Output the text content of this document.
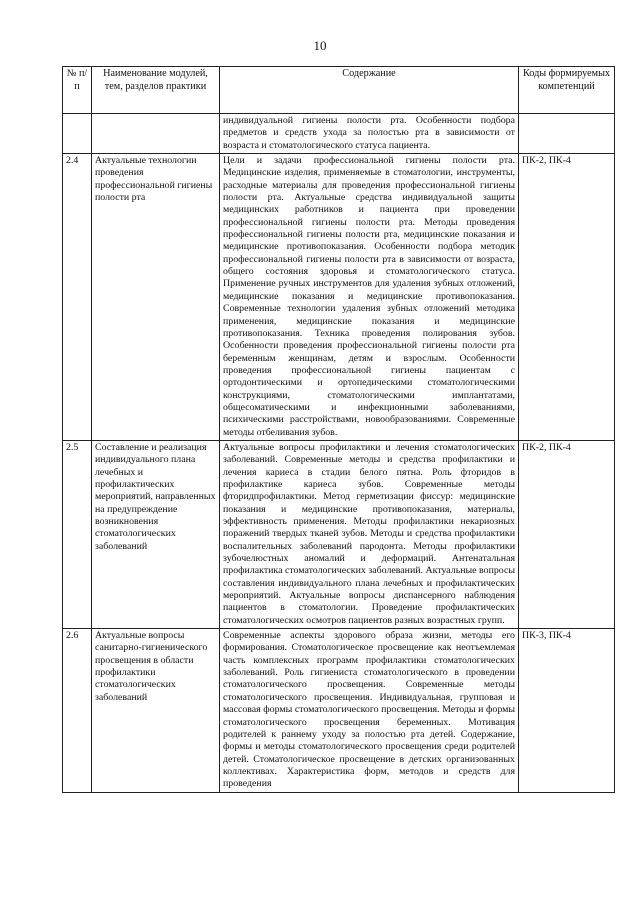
10
№ п/п	Наименование модулей, тем, разделов практики	Содержание	Коды формируемых компетенций
		индивидуальной гигиены полости рта. Особенности подбора предметов и средств ухода за полостью рта в зависимости от возраста и стоматологического статуса пациента.	
2.4	Актуальные технологии проведения профессиональной гигиены полости рта	Цели и задачи профессиональной гигиены полости рта. Медицинские изделия, применяемые в стоматологии, инструменты, расходные материалы для проведения профессиональной гигиены полости рта. Актуальные средства индивидуальной защиты медицинских работников и пациента при проведении профессиональной гигиены полости рта. Методы проведения профессиональной гигиены полости рта, медицинские показания и медицинские противопоказания. Особенности подбора методик профессиональной гигиены полости рта в зависимости от возраста, общего состояния здоровья и стоматологического статуса. Применение ручных инструментов для удаления зубных отложений, медицинские показания и медицинские противопоказания. Современные технологии удаления зубных отложений методика применения, медицинские показания и медицинские противопоказания. Техника проведения полирования зубов. Особенности проведения профессиональной гигиены полости рта беременным женщинам, детям и взрослым. Особенности проведения профессиональной гигиены пациентам с ортодонтическими и ортопедическими стоматологическими конструкциями, стоматологическими имплантатами, общесоматическими и инфекционными заболеваниями, психическими расстройствами, новообразованиями. Современные методы отбеливания зубов.	ПК-2, ПК-4
2.5	Составление и реализация индивидуального плана лечебных и профилактических мероприятий, направленных на предупреждение возникновения стоматологических заболеваний	Актуальные вопросы профилактики и лечения стоматологических заболеваний. Современные методы и средства профилактики и лечения кариеса в стадии белого пятна. Роль фторидов в профилактике кариеса зубов. Современные методы фторидпрофилактики. Метод герметизации фиссур: медицинские показания и медицинские противопоказания, материалы, эффективность применения. Методы профилактики некариозных поражений твердых тканей зубов. Методы и средства профилактики воспалительных заболеваний пародонта. Методы профилактики зубочелюстных аномалий и деформаций. Антенатальная профилактика стоматологических заболеваний. Актуальные вопросы составления индивидуального плана лечебных и профилактических мероприятий. Актуальные вопросы диспансерного наблюдения пациентов в стоматологии. Проведение профилактических стоматологических осмотров пациентов разных возрастных групп.	ПК-2, ПК-4
2.6	Актуальные вопросы санитарно-гигиенического просвещения в области профилактики стоматологических заболеваний	Современные аспекты здорового образа жизни, методы его формирования. Стоматологическое просвещение как неотъемлемая часть комплексных программ профилактики стоматологических заболеваний. Роль гигиениста стоматологического в проведении стоматологического просвещения. Современные методы стоматологического просвещения. Индивидуальная, групповая и массовая формы стоматологического просвещения. Методы и формы стоматологического просвещения беременных. Мотивация родителей к раннему уходу за полостью рта детей. Содержание, формы и методы стоматологического просвещения среди родителей детей. Стоматологическое просвещение в детских организованных коллективах. Характеристика форм, методов и средств для проведения	ПК-3, ПК-4
